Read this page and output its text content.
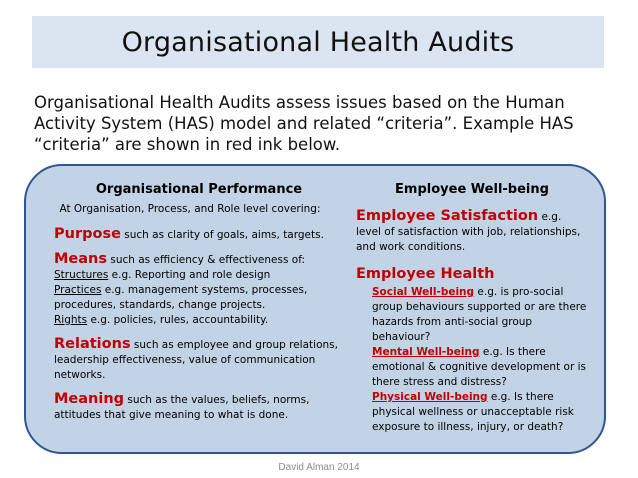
Organisational Health Audits
Organisational Health Audits assess issues based on the Human Activity System (HAS) model and related “criteria”. Example HAS “criteria” are shown in red ink below.
Organisational Performance
At Organisation, Process, and Role level covering:
Purpose such as clarity of goals, aims, targets.
Means such as efficiency & effectiveness of:
Structures e.g. Reporting and role design
Practices e.g. management systems, processes, procedures, standards, change projects.
Rights e.g. policies, rules, accountability.
Relations such as employee and group relations, leadership effectiveness, value of communication networks.
Meaning such as the values, beliefs, norms, attitudes that give meaning to what is done.
Employee Well-being
Employee Satisfaction e.g. level of satisfaction with job, relationships, and work conditions.
Employee Health
Social Well-being e.g. is pro-social group behaviours supported or are there hazards from anti-social group behaviour?
Mental Well-being e.g. Is there emotional & cognitive development or is there stress and distress?
Physical Well-being e.g. Is there physical wellness or unacceptable risk exposure to illness, injury, or death?
David Alman 2014
